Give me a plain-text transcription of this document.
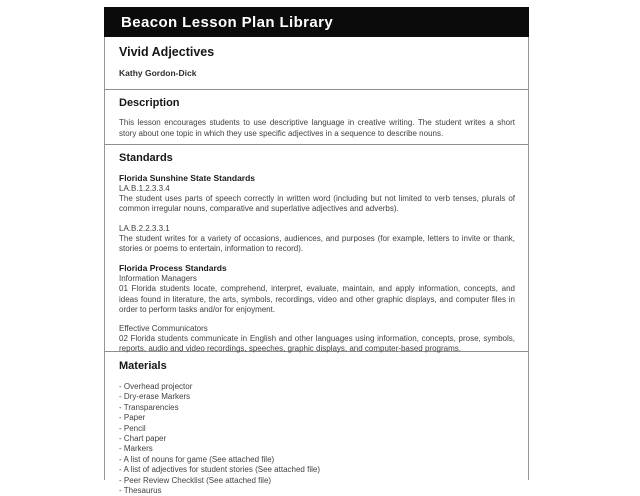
Beacon Lesson Plan Library
Vivid Adjectives

Kathy Gordon-Dick

Description

This lesson encourages students to use descriptive language in creative writing. The student writes a short story about one topic in which they use specific adjectives in a sequence to describe nouns.

Standards

Florida Sunshine State Standards

LA.B.1.2.3.3.4

The student uses parts of speech correctly in written word (including but not limited to verb tenses, plurals of common irregular nouns, comparative and superlative adjectives and adverbs).

LA.B.2.2.3.3.1

The student writes for a variety of occasions, audiences, and purposes (for example, letters to invite or thank, stories or poems to entertain, information to record).

Florida Process Standards

Information Managers

01 Florida students locate, comprehend, interpret, evaluate, maintain, and apply information, concepts, and ideas found in literature, the arts, symbols, recordings, video and other graphic displays, and computer files in order to perform tasks and/or for enjoyment.

Effective Communicators

02 Florida students communicate in English and other languages using information, concepts, prose, symbols, reports, audio and video recordings, speeches, graphic displays, and computer-based programs.

Materials
- Overhead projector
- Dry-erase Markers
- Transparencies
- Paper
- Pencil
- Chart paper
- Markers
- A list of nouns for game (See attached file)
- A list of adjectives for student stories (See attached file)
- Peer Review Checklist (See attached file)
- Thesaurus
